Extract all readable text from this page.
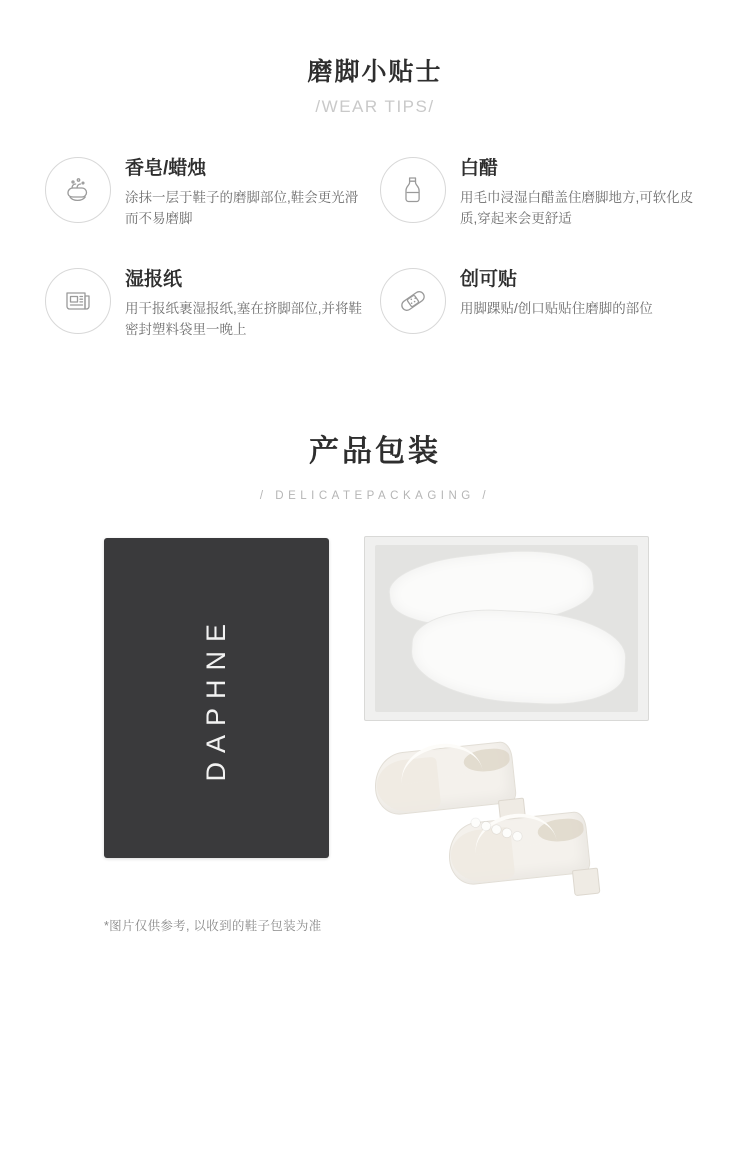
磨脚小贴士
/WEAR TIPS/
香皂/蜡烛
涂抹一层于鞋子的磨脚部位,鞋会更光滑而不易磨脚
白醋
用毛巾浸湿白醋盖住磨脚地方,可软化皮质,穿起来会更舒适
湿报纸
用干报纸裹湿报纸,塞在挤脚部位,并将鞋密封塑料袋里一晚上
创可贴
用脚踝贴/创口贴贴住磨脚的部位
产品包装
/ DELICATEPACKAGING /
DAPHNE
*图片仅供参考, 以收到的鞋子包装为准
